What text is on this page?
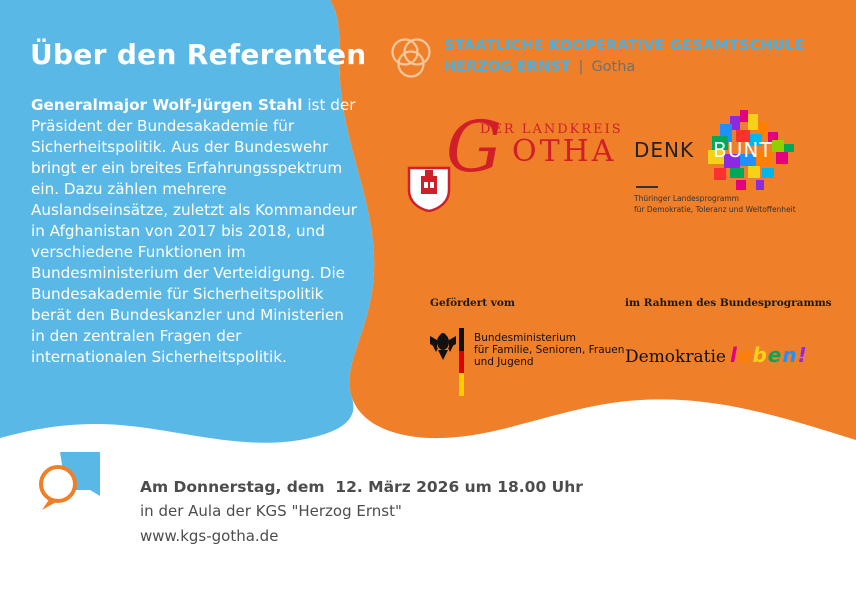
Über den Referenten
Generalmajor Wolf-Jürgen Stahl ist der Präsident der Bundesakademie für Sicherheitspolitik. Aus der Bundeswehr bringt er ein breites Erfahrungsspektrum ein. Dazu zählen mehrere Auslandseinsätze, zuletzt als Kommandeur in Afghanistan von 2017 bis 2018, und verschiedene Funktionen im Bundesministerium der Verteidigung. Die Bundesakademie für Sicherheitspolitik berät den Bundeskanzler und Ministerien in den zentralen Fragen der internationalen Sicherheitspolitik.
STAATLICHE KOOPERATIVE GESAMTSCHULE
HERZOG ERNST | Gotha
G
DER LANDKREIS
OTHA DENK BUNT
Thüringer Landesprogramm
für Demokratie, Toleranz und Weltoffenheit
Gefördert vom	im Rahmen des Bundesprogramms
Bundesministerium
für Familie, Senioren, Frauen
und Jugend	Demokratie leben!
Am Donnerstag, dem  12. März 2026 um 18.00 Uhr
in der Aula der KGS "Herzog Ernst"
www.kgs-gotha.de
